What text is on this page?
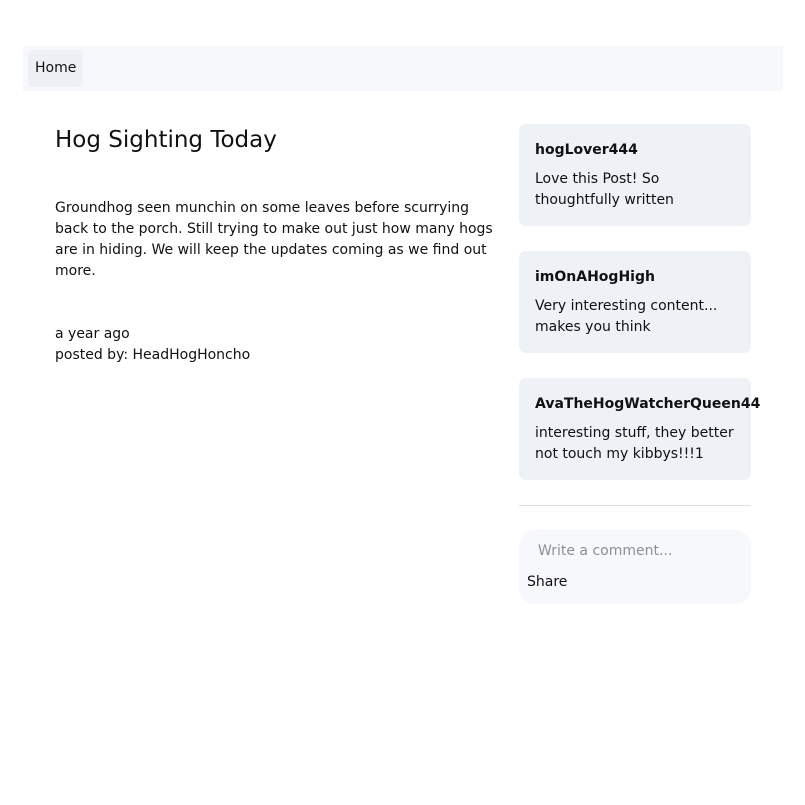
Home
Hog Sighting Today

Groundhog seen munchin on some leaves before scurrying back to the porch. Still trying to make out just how many hogs are in hiding. We will keep the updates coming as we find out more.

a year ago
posted by: HeadHogHoncho
hogLover444
Love this Post! So thoughtfully written
imOnAHogHigh
Very interesting content... makes you think
AvaTheHogWatcherQueen44
interesting stuff, they better not touch my kibbys!!!1
Write a comment...
Share
